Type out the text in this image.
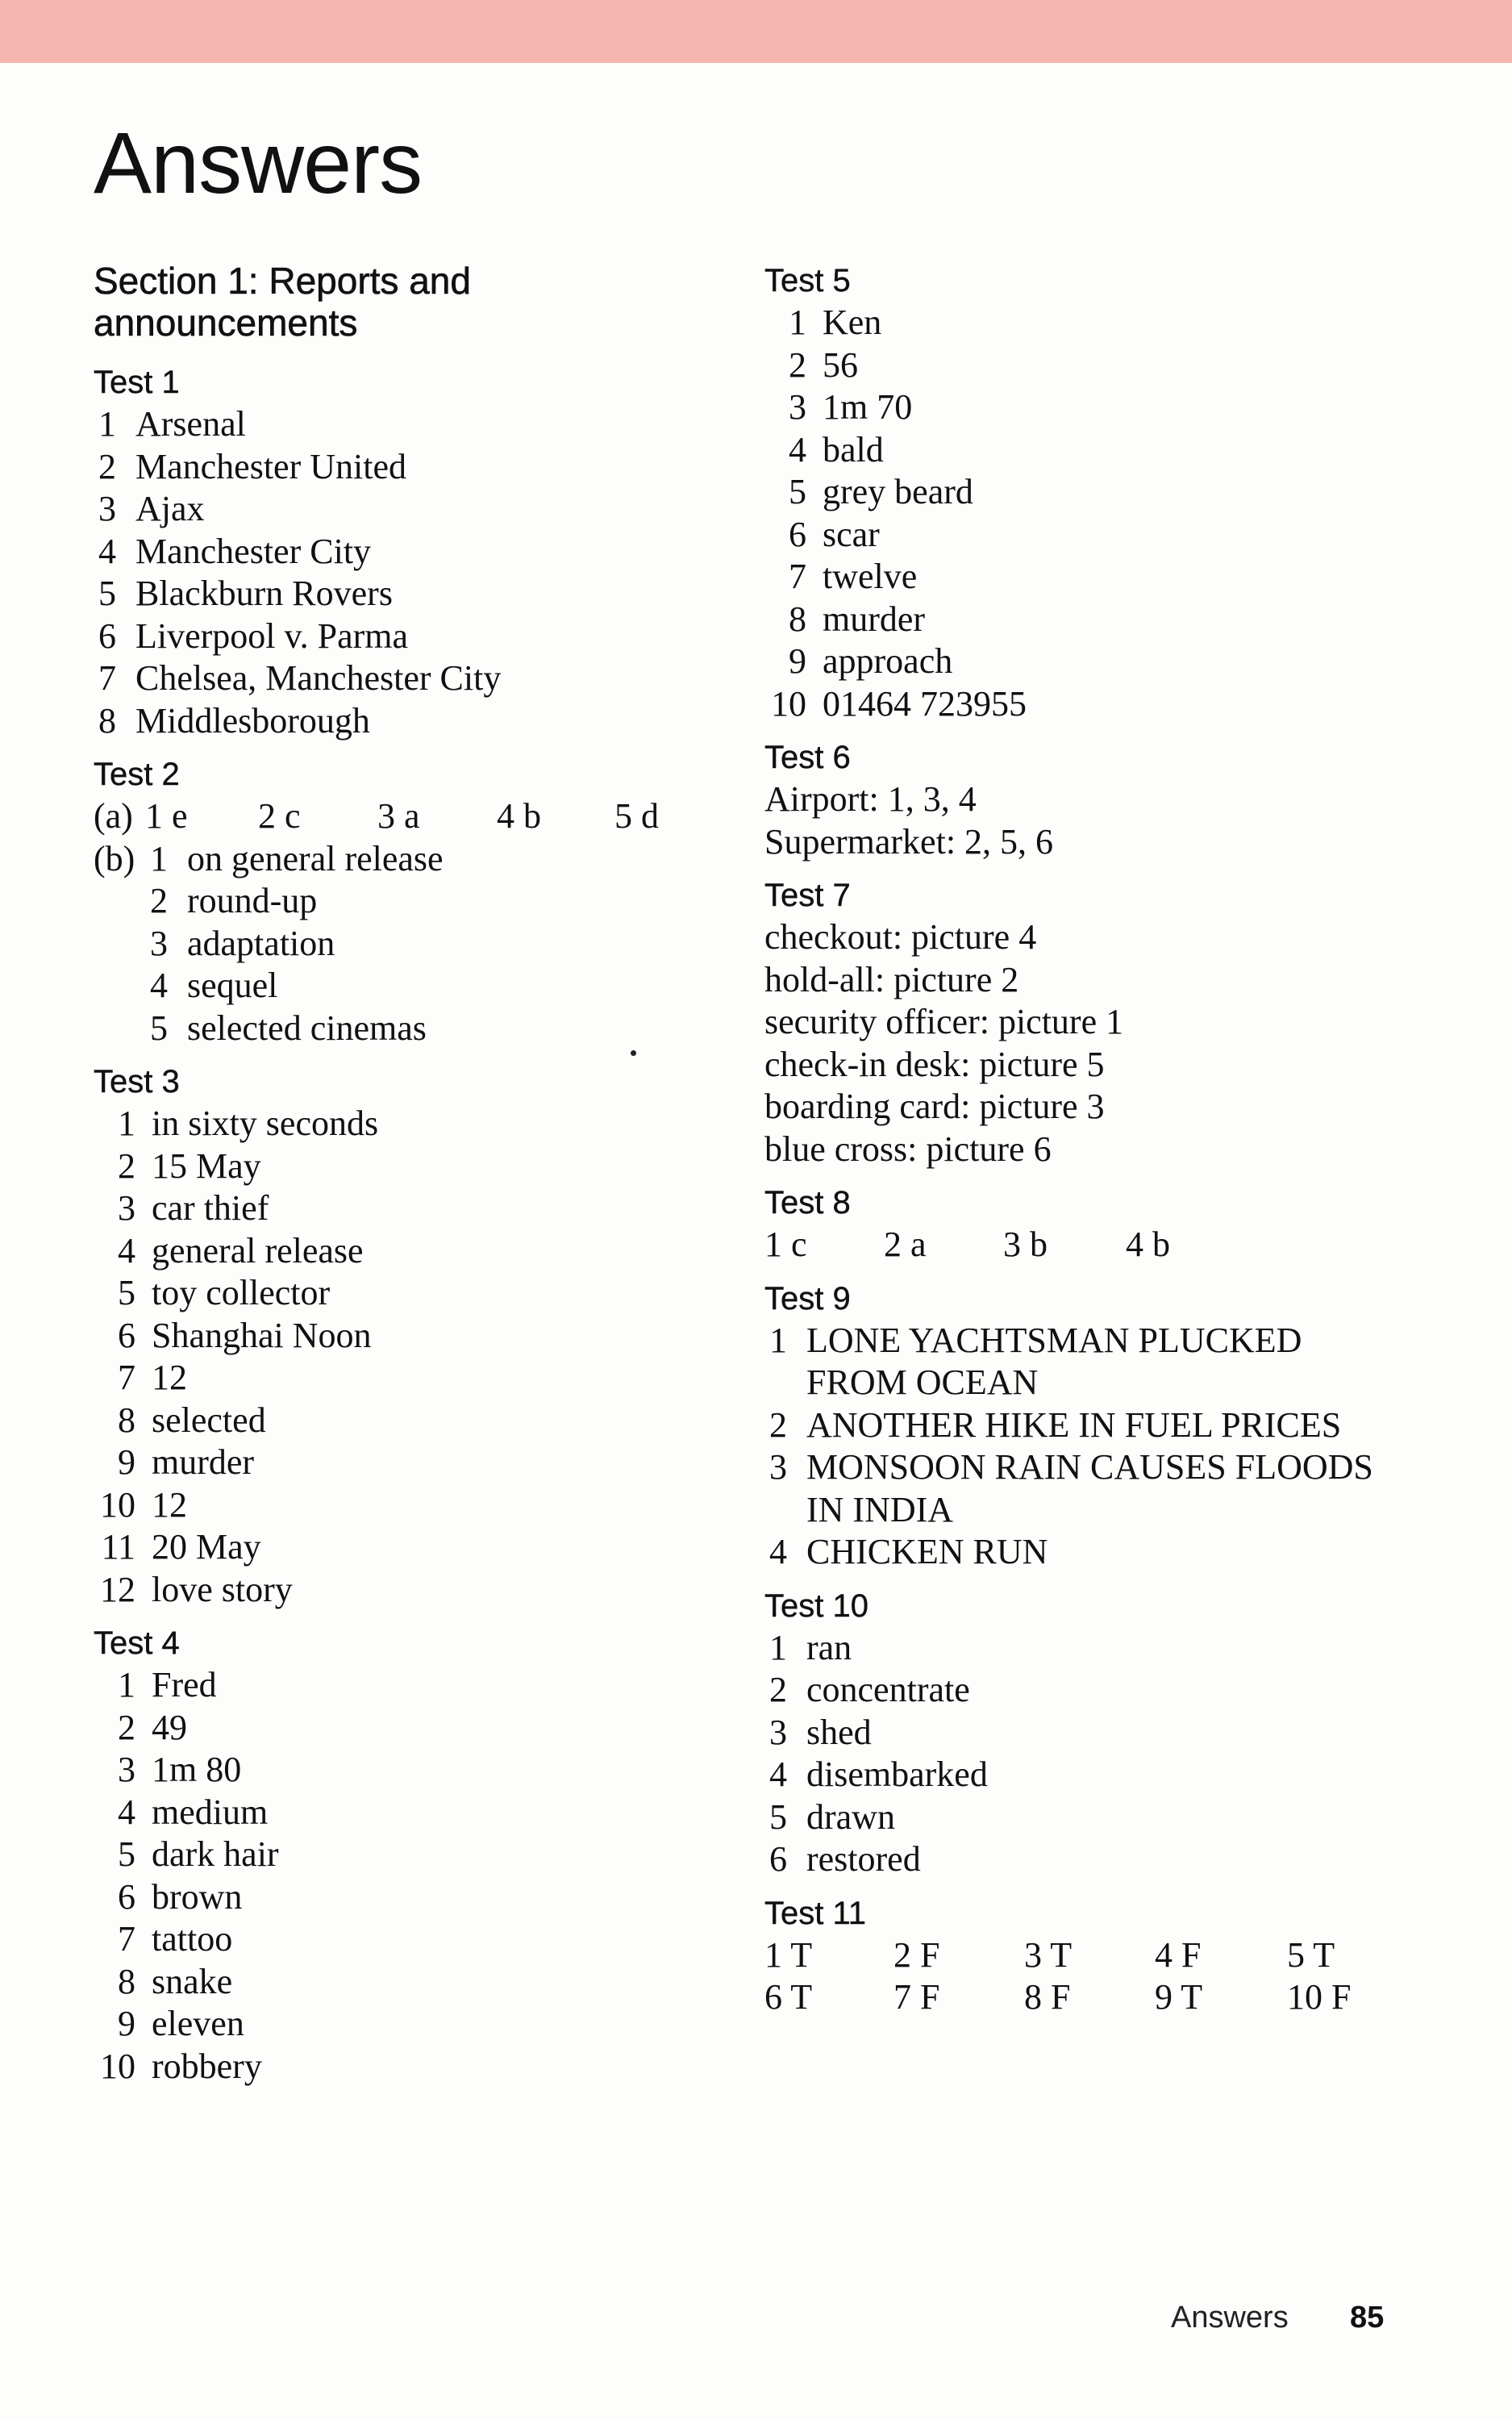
Answers
Section 1: Reports and
announcements
Test 1
1 Arsenal
2 Manchester United
3 Ajax
4 Manchester City
5 Blackburn Rovers
6 Liverpool v. Parma
7 Chelsea, Manchester City
8 Middlesborough
Test 2
(a) 1 e	2 c	3 a	4 b	5 d
(b) 1 on general release
2 round-up
3 adaptation
4 sequel
5 selected cinemas
Test 3
1 in sixty seconds
2 15 May
3 car thief
4 general release
5 toy collector
6 Shanghai Noon
7 12
8 selected
9 murder
10 12
11 20 May
12 love story
Test 4
1 Fred
2 49
3 1m 80
4 medium
5 dark hair
6 brown
7 tattoo
8 snake
9 eleven
10 robbery
Test 5
1 Ken
2 56
3 1m 70
4 bald
5 grey beard
6 scar
7 twelve
8 murder
9 approach
10 01464 723955
Test 6
Airport: 1, 3, 4
Supermarket: 2, 5, 6
Test 7
checkout: picture 4
hold-all: picture 2
security officer: picture 1
check-in desk: picture 5
boarding card: picture 3
blue cross: picture 6
Test 8
1 c	2 a	3 b	4 b
Test 9
1 LONE YACHTSMAN PLUCKED
FROM OCEAN
2 ANOTHER HIKE IN FUEL PRICES
3 MONSOON RAIN CAUSES FLOODS
IN INDIA
4 CHICKEN RUN
Test 10
1 ran
2 concentrate
3 shed
4 disembarked
5 drawn
6 restored
Test 11
1 T	2 F	3 T	4 F	5 T
6 T	7 F	8 F	9 T	10 F
Answers 85
